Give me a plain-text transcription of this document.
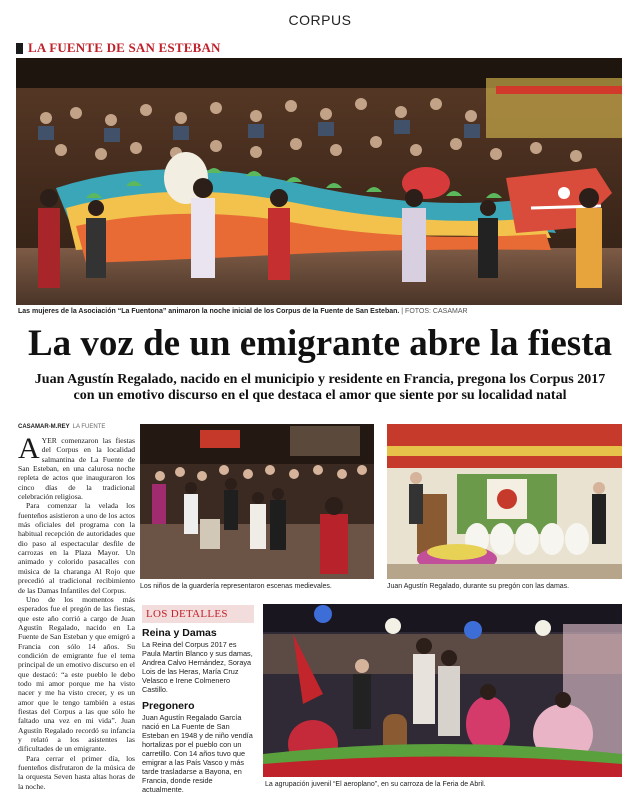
CORPUS
LA FUENTE DE SAN ESTEBAN
Las mujeres de la Asociación “La Fuentona” animaron la noche inicial de los Corpus de la Fuente de San Esteban. | FOTOS: CASAMAR
La voz de un emigrante abre la fiesta
Juan Agustín Regalado, nacido en el municipio y residente en Francia, pregona los Corpus 2017 con un emotivo discurso en el que destaca el amor que siente por su localidad natal
CASAMAR-M.REY LA FUENTE

AYER comenzaron las fiestas del Corpus en la localidad salmantina de La Fuente de San Esteban, en una calurosa noche repleta de actos que inauguraron los cinco días de la tradicional celebración religiosa.

Para comenzar la velada los fuenteños asistieron a uno de los actos más oficiales del programa con la habitual recepción de autoridades que dio paso al espectacular desfile de carrozas en la Plaza Mayor. Un animado y colorido pasacalles con música de la charanga Al Rojo que precedió al tradicional recibimiento de las Damas Infantiles del Corpus.

Uno de los momentos más esperados fue el pregón de las fiestas, que este año corrió a cargo de Juan Agustín Regalado, nacido en La Fuente de San Esteban y que emigró a Francia con sólo 14 años. Su condición de emigrante fue el tema principal de un emotivo discurso en el que destacó: “a este pueblo le debo todo mi amor porque me ha visto nacer y me ha visto crecer, y es un amor que le tengo también a estas fiestas del Corpus a las que sólo he faltado una vez en mi vida”. Juan Agustín Regalado recordó su infancia y relató a los asistentes las dificultades de un emigrante.

Para cerrar el primer día, los fuenteños disfrutaron de la música de la orquesta Seven hasta altas horas de la noche.

Los niños de la guardería representaron escenas medievales.	Juan Agustín Regalado, durante su pregón con las damas.
LOS DETALLES
Reina y Damas
La Reina del Corpus 2017 es Paula Martín Blanco y sus damas, Andrea Calvo Hernández, Soraya Lois de las Heras, María Cruz Velasco e Irene Colmenero Castillo.
Pregonero
Juan Agustín Regalado García nació en La Fuente de San Esteban en 1948 y de niño vendía hortalizas por el pueblo con un carretillo. Con 14 años tuvo que emigrar a las País Vasco y más tarde trasladarse a Bayona, en Francia, donde reside actualmente.
La agrupación juvenil “El aeroplano”, en su carroza de la Feria de Abril.
